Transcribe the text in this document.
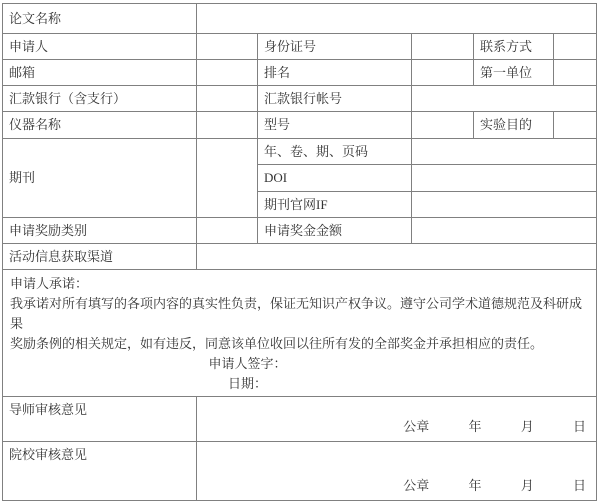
论文名称					
申请人		身份证号		联系方式	
邮箱		排名		第一单位	
汇款银行（含支行）		汇款银行帐号			
仪器名称		型号		实验目的	
期刊		年、卷、期、页码			
		DOI			
		期刊官网IF			
申请奖励类别		申请奖金金额			
活动信息获取渠道					

申请人承诺：
我承诺对所有填写的各项内容的真实性负责，保证无知识产权争议。遵守公司学术道德规范及科研成果
奖励条例的相关规定，如有违反，同意该单位收回以往所有发的全部奖金并承担相应的责任。
申请人签字：
日期：					

导师审核意见	公章 年 月 日				
院校审核意见	公章 年 月 日				
